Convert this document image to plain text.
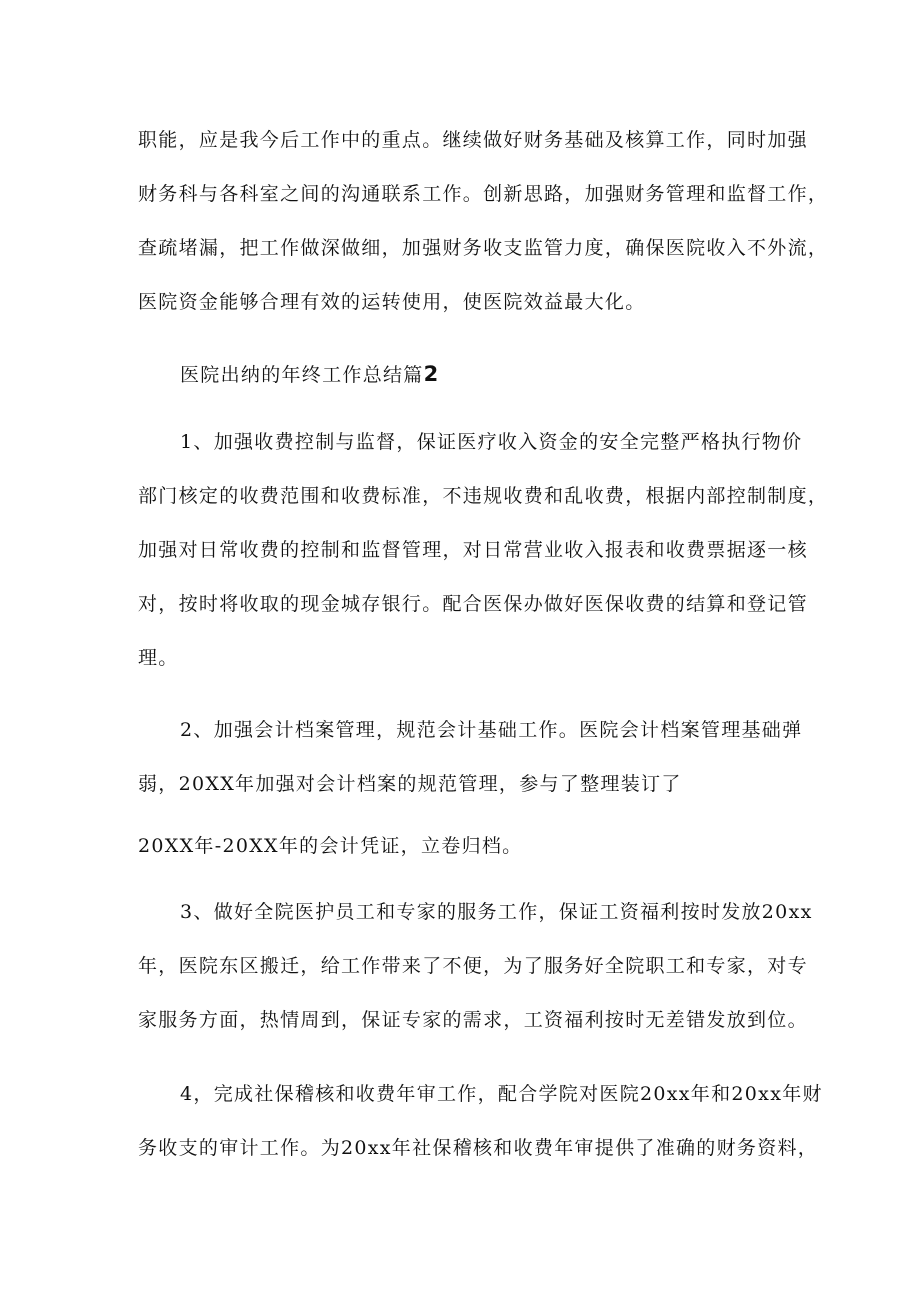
职能，应是我今后工作中的重点。继续做好财务基础及核算工作，同时加强
财务科与各科室之间的沟通联系工作。创新思路，加强财务管理和监督工作，
查疏堵漏，把工作做深做细，加强财务收支监管力度，确保医院收入不外流，
医院资金能够合理有效的运转使用，使医院效益最大化。
医院出纳的年终工作总结篇2
1、加强收费控制与监督，保证医疗收入资金的安全完整严格执行物价
部门核定的收费范围和收费标准，不违规收费和乱收费，根据内部控制制度，
加强对日常收费的控制和监督管理，对日常营业收入报表和收费票据逐一核
对，按时将收取的现金城存银行。配合医保办做好医保收费的结算和登记管
理。
2、加强会计档案管理，规范会计基础工作。医院会计档案管理基础弹
弱，20XX年加强对会计档案的规范管理，参与了整理装订了
20XX年-20XX年的会计凭证，立卷归档。
3、做好全院医护员工和专家的服务工作，保证工资福利按时发放20xx
年，医院东区搬迁，给工作带来了不便，为了服务好全院职工和专家，对专
家服务方面，热情周到，保证专家的需求，工资福利按时无差错发放到位。
4，完成社保稽核和收费年审工作，配合学院对医院20xx年和20xx年财
务收支的审计工作。为20xx年社保稽核和收费年审提供了准确的财务资料，
